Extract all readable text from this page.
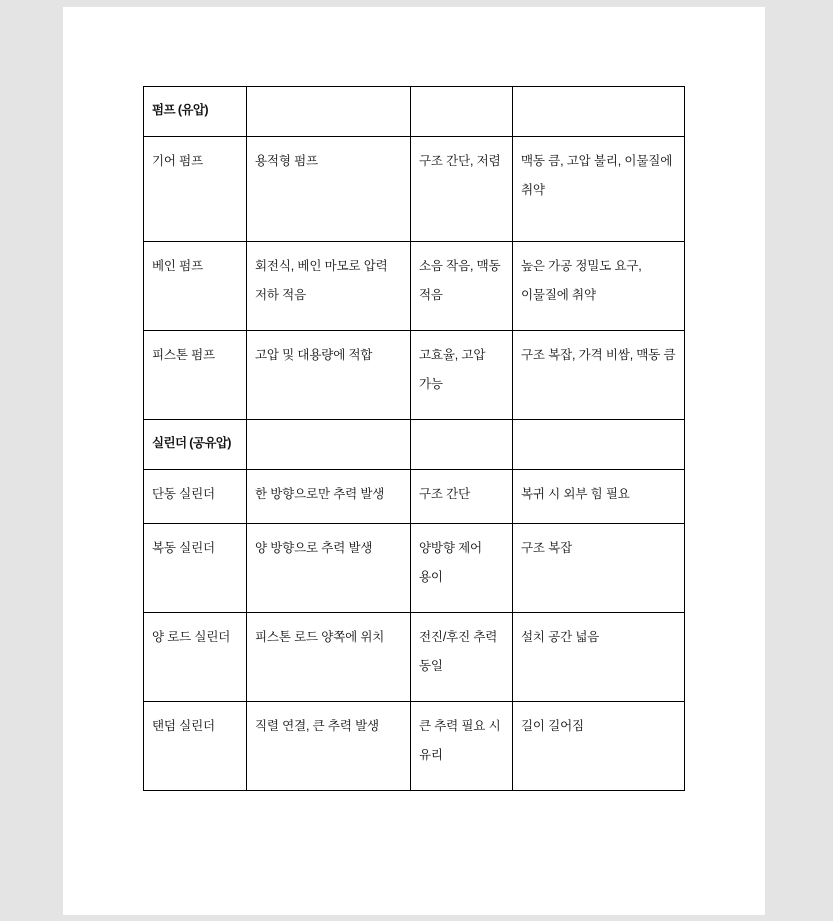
펌프 (유압)			
기어 펌프	용적형 펌프	구조 간단, 저렴	맥동 큼, 고압 불리, 이물질에 취약
베인 펌프	회전식, 베인 마모로 압력 저하 적음	소음 작음, 맥동 적음	높은 가공 정밀도 요구, 이물질에 취약
피스톤 펌프	고압 및 대용량에 적합	고효율, 고압 가능	구조 복잡, 가격 비쌈, 맥동 큼
실린더 (공유압)			
단동 실린더	한 방향으로만 추력 발생	구조 간단	복귀 시 외부 힘 필요
복동 실린더	양 방향으로 추력 발생	양방향 제어 용이	구조 복잡
양 로드 실린더	피스톤 로드 양쪽에 위치	전진/후진 추력 동일	설치 공간 넓음
탠덤 실린더	직렬 연결, 큰 추력 발생	큰 추력 필요 시 유리	길이 길어짐
